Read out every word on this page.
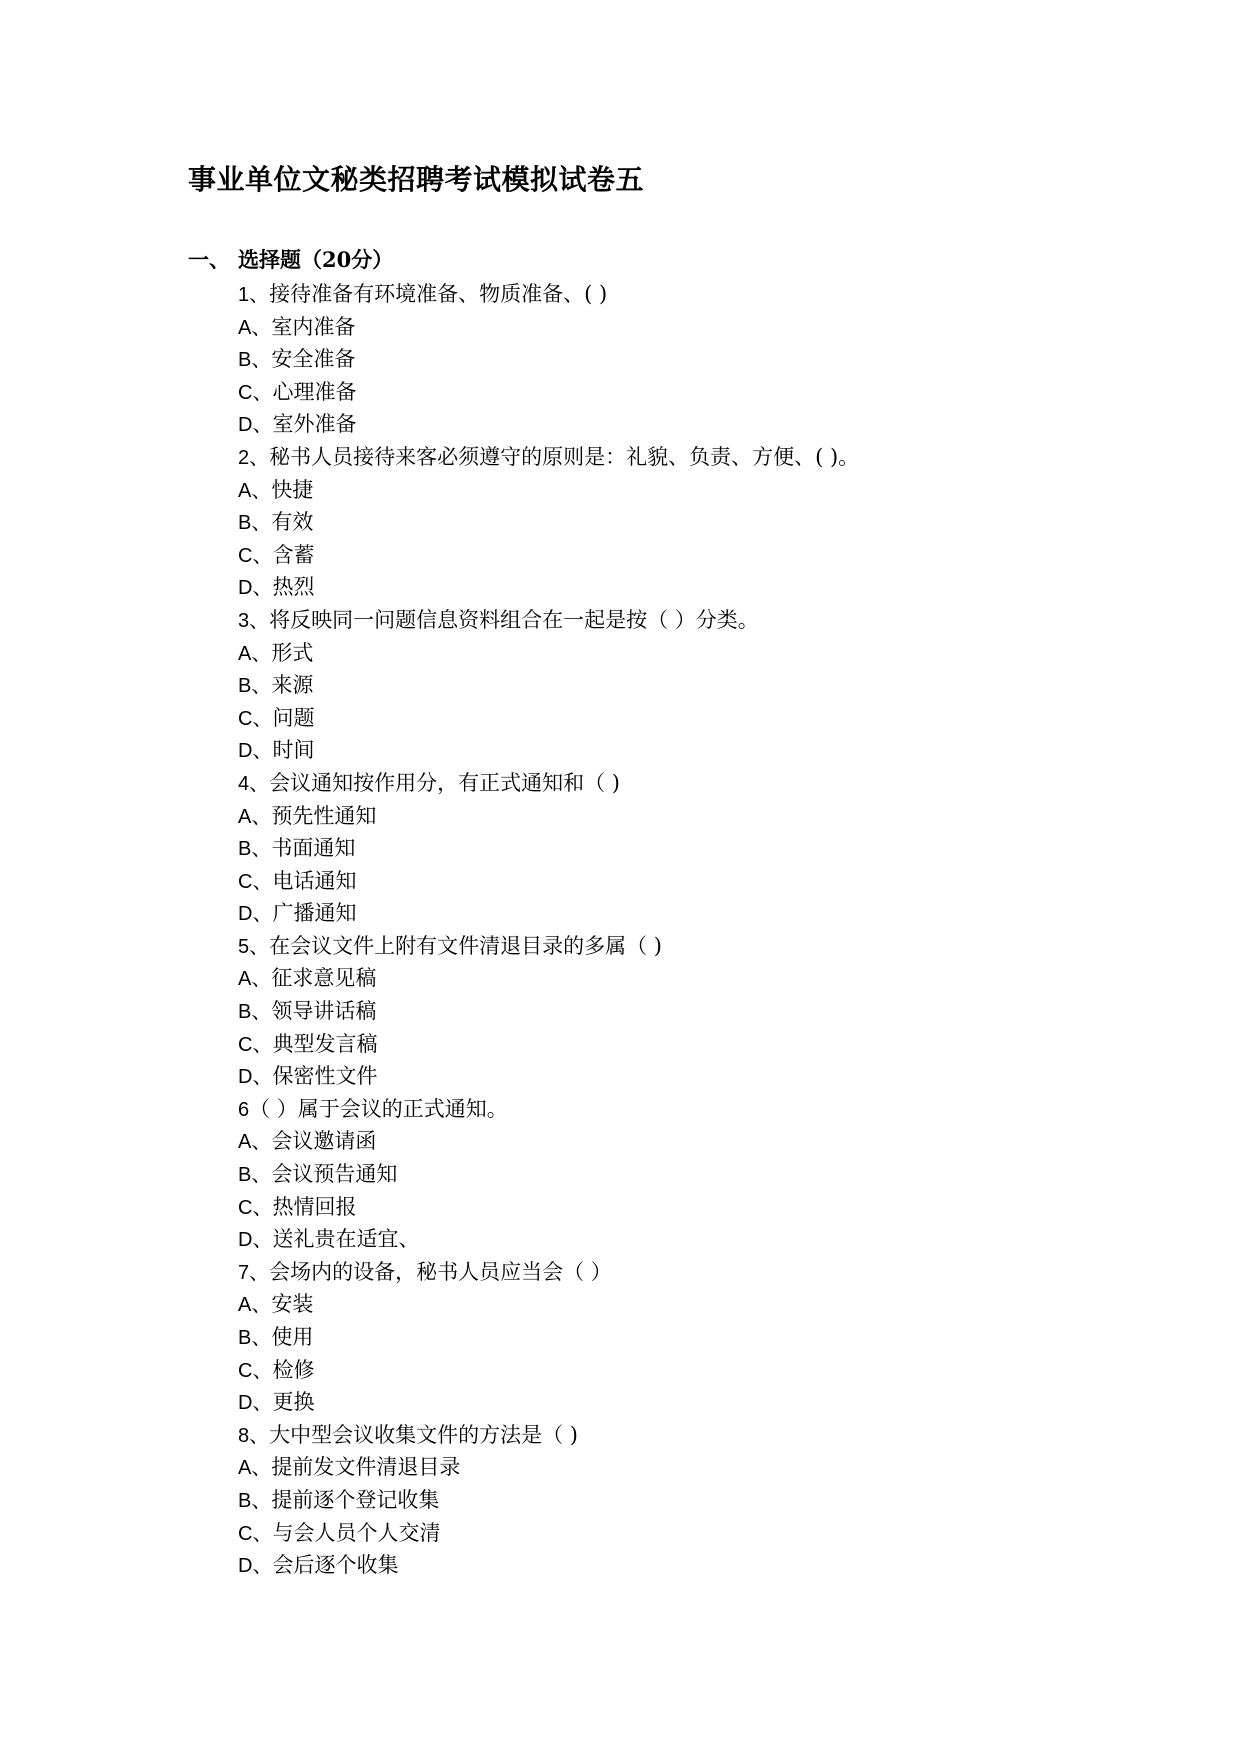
事业单位文秘类招聘考试模拟试卷五
一、 选择题（20分）
1、接待准备有环境准备、物质准备、( )
A、室内准备
B、安全准备
C、心理准备
D、室外准备
2、秘书人员接待来客必须遵守的原则是：礼貌、负责、方便、( )。
A、快捷
B、有效
C、含蓄
D、热烈
3、将反映同一问题信息资料组合在一起是按（ ）分类。
A、形式
B、来源
C、问题
D、时间
4、会议通知按作用分，有正式通知和（ )
A、预先性通知
B、书面通知
C、电话通知
D、广播通知
5、在会议文件上附有文件清退目录的多属（ )
A、征求意见稿
B、领导讲话稿
C、典型发言稿
D、保密性文件
6（ ）属于会议的正式通知。
A、会议邀请函
B、会议预告通知
C、热情回报
D、送礼贵在适宜、
7、会场内的设备，秘书人员应当会（ ）
A、安装
B、使用
C、检修
D、更换
8、大中型会议收集文件的方法是（ )
A、提前发文件清退目录
B、提前逐个登记收集
C、与会人员个人交清
D、会后逐个收集
